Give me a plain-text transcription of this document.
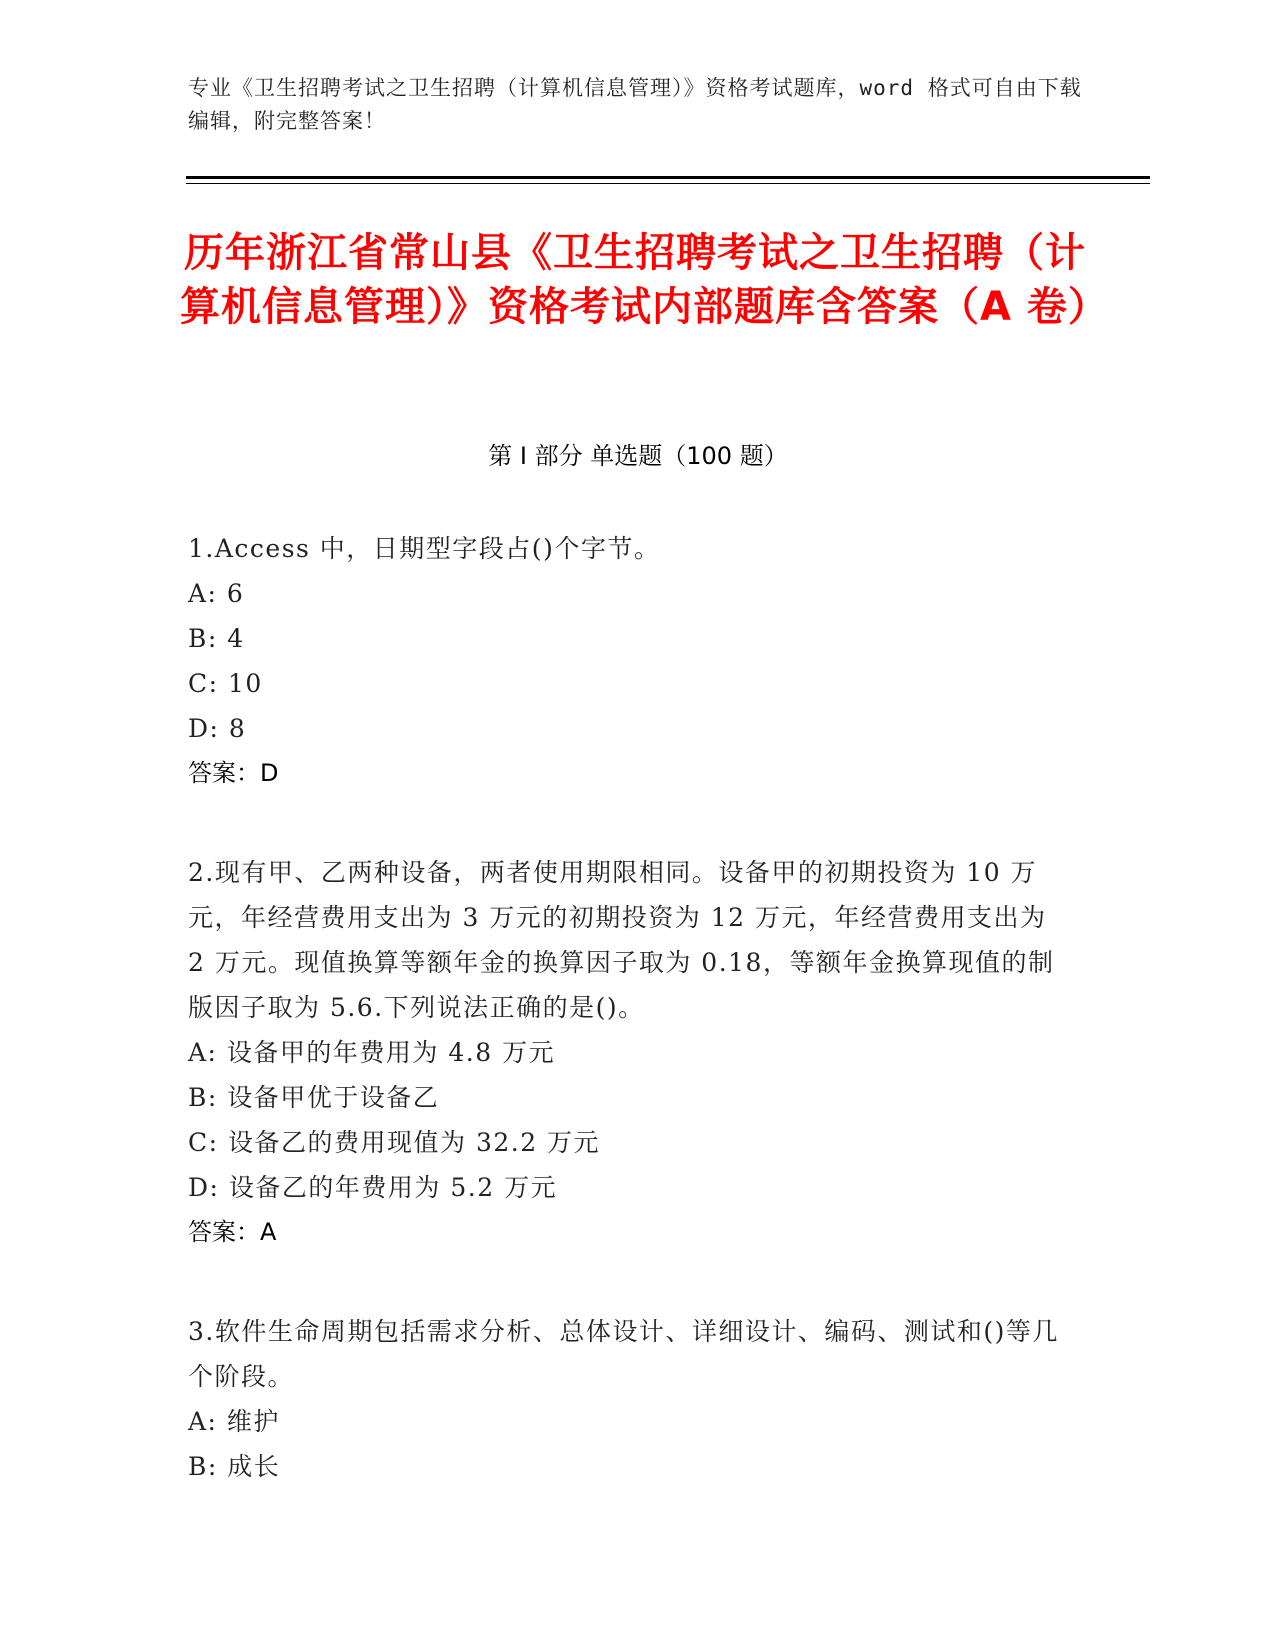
专业《卫生招聘考试之卫生招聘（计算机信息管理）》资格考试题库，word 格式可自由下载编辑，附完整答案！
历年浙江省常山县《卫生招聘考试之卫生招聘（计算机信息管理）》资格考试内部题库含答案（A 卷）
第 I 部分 单选题（100 题）
1.Access 中，日期型字段占()个字节。
A: 6
B: 4
C: 10
D: 8
答案：D
2.现有甲、乙两种设备，两者使用期限相同。设备甲的初期投资为 10 万元，年经营费用支出为 3 万元的初期投资为 12 万元，年经营费用支出为 2 万元。现值换算等额年金的换算因子取为 0.18，等额年金换算现值的制版因子取为 5.6.下列说法正确的是()。
A: 设备甲的年费用为 4.8 万元
B: 设备甲优于设备乙
C: 设备乙的费用现值为 32.2 万元
D: 设备乙的年费用为 5.2 万元
答案：A
3.软件生命周期包括需求分析、总体设计、详细设计、编码、测试和()等几个阶段。
A: 维护
B: 成长
